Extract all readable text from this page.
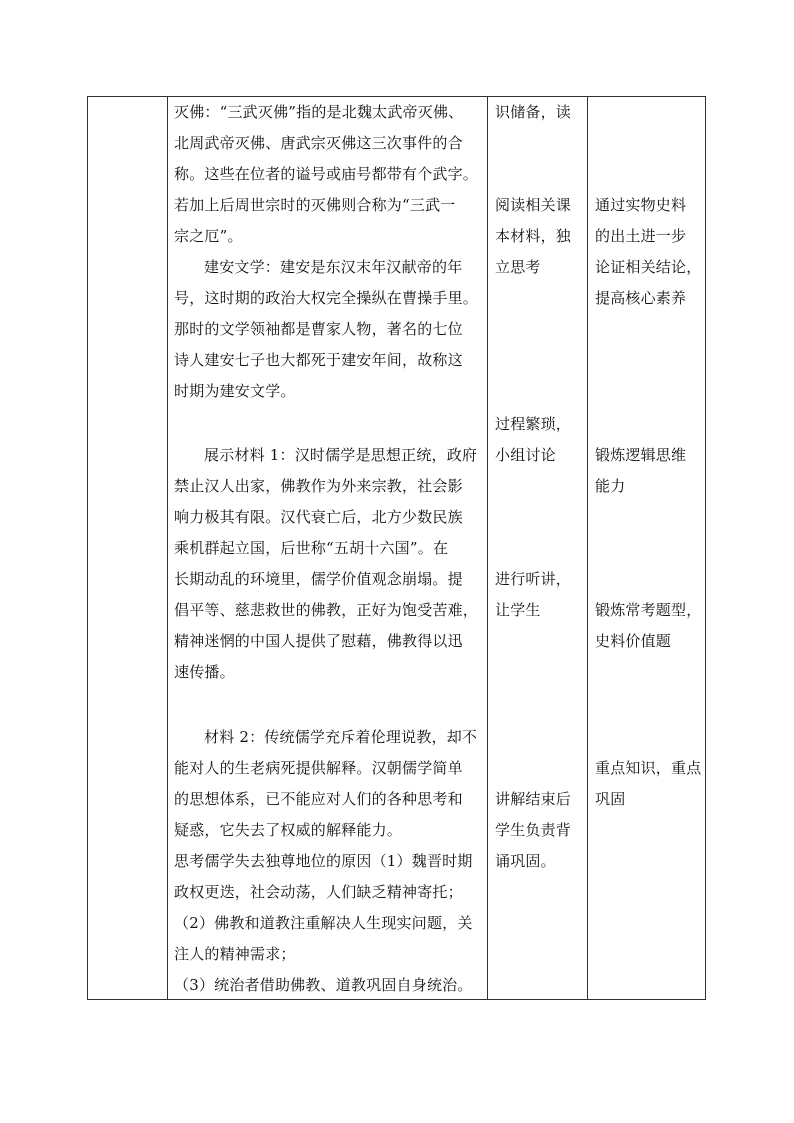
灭佛：“三武灭佛”指的是北魏太武帝灭佛、
北周武帝灭佛、唐武宗灭佛这三次事件的合
称。这些在位者的谥号或庙号都带有个武字。
若加上后周世宗时的灭佛则合称为“三武一
宗之厄”。
建安文学：建安是东汉末年汉献帝的年
号，这时期的政治大权完全操纵在曹操手里。
那时的文学领袖都是曹家人物，著名的七位
诗人建安七子也大都死于建安年间，故称这
时期为建安文学。
展示材料 1：汉时儒学是思想正统，政府
禁止汉人出家，佛教作为外来宗教，社会影
响力极其有限。汉代衰亡后，北方少数民族
乘机群起立国，后世称“五胡十六国”。在
长期动乱的环境里，儒学价值观念崩塌。提
倡平等、慈悲救世的佛教，正好为饱受苦难，
精神迷惘的中国人提供了慰藉，佛教得以迅
速传播。
材料 2：传统儒学充斥着伦理说教，却不
能对人的生老病死提供解释。汉朝儒学简单
的思想体系，已不能应对人们的各种思考和
疑惑，它失去了权威的解释能力。
思考儒学失去独尊地位的原因（1）魏晋时期
政权更迭，社会动荡，人们缺乏精神寄托；
（2）佛教和道教注重解决人生现实问题，关
注人的精神需求；
（3）统治者借助佛教、道教巩固自身统治。
识储备，读
阅读相关课
本材料，独
立思考
过程繁琐，
小组讨论
进行听讲，
让学生
讲解结束后
学生负责背
诵巩固。
通过实物史料
的出土进一步
论证相关结论，
提高核心素养
锻炼逻辑思维
能力
锻炼常考题型，
史料价值题
重点知识，重点
巩固
